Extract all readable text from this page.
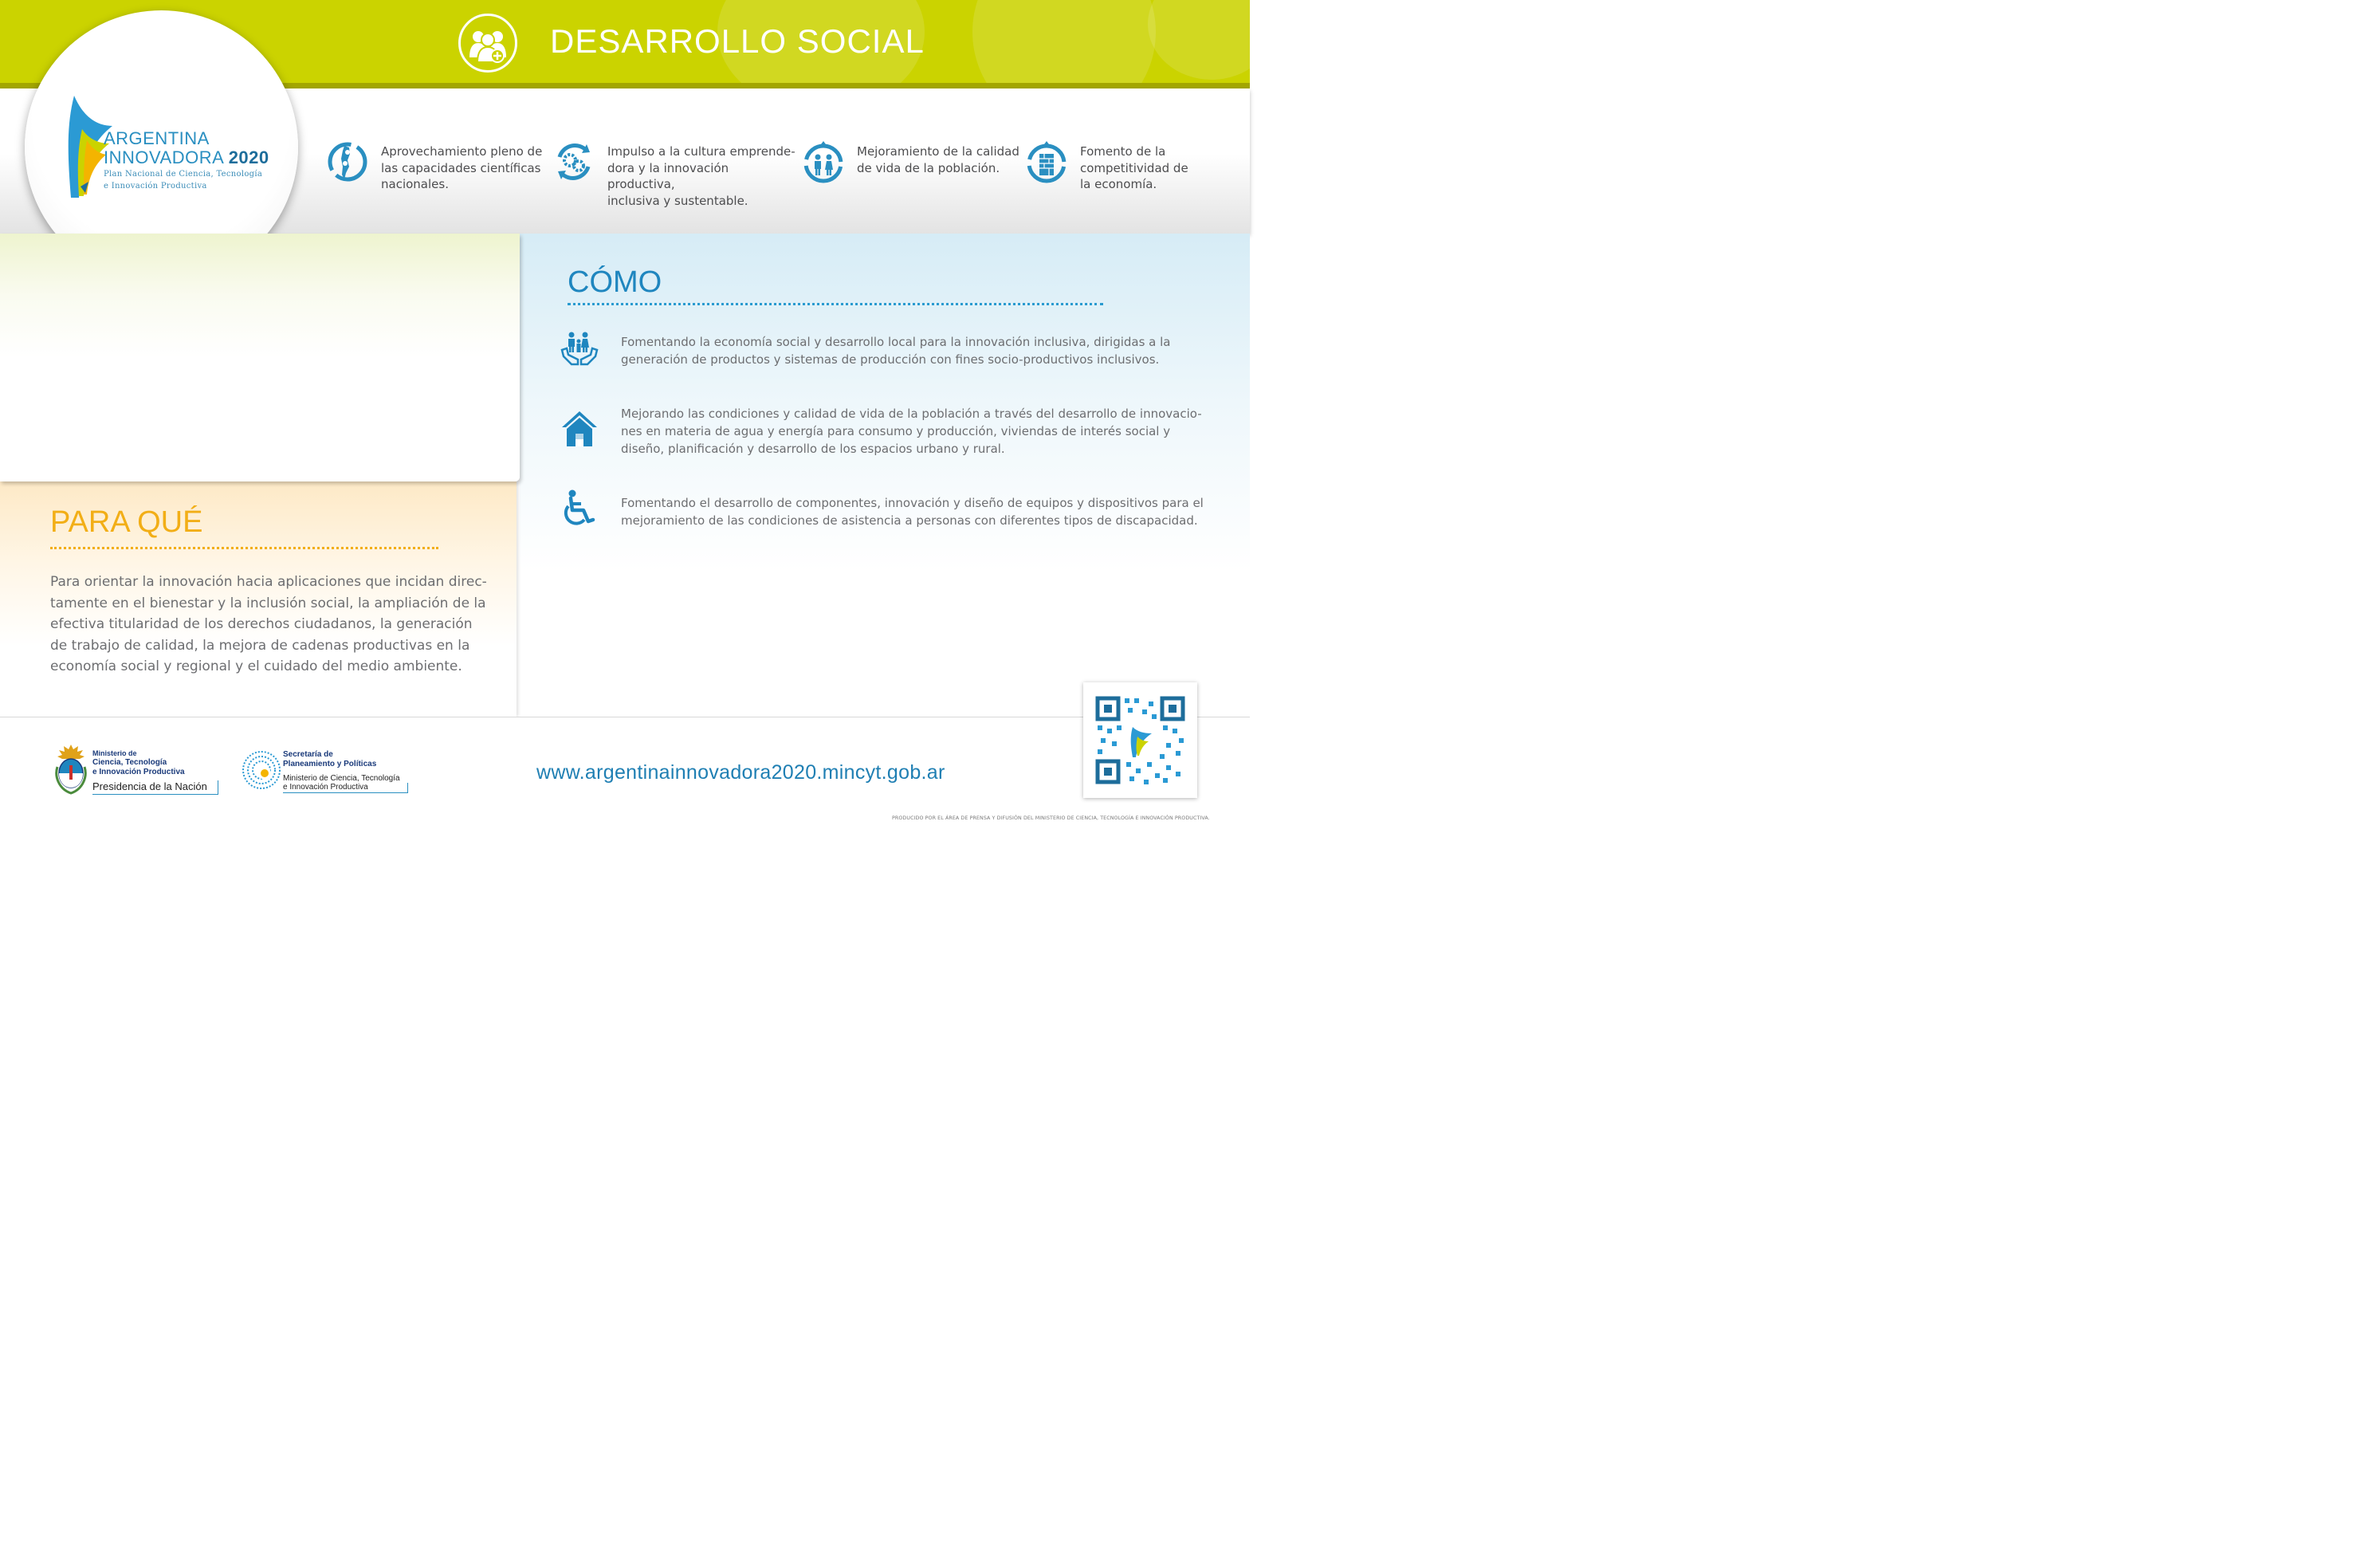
DESARROLLO SOCIAL
Aprovechamiento pleno de
las capacidades científicas
nacionales.
Impulso a la cultura emprende-
dora y la innovación productiva,
inclusiva y sustentable.
Mejoramiento de la calidad
de vida de la población.
Fomento de la
competitividad de
la economía.
ARGENTINA
INNOVADORA 2020
Plan Nacional de Ciencia, Tecnología
e Innovación Productiva
PARA QUÉ
Para orientar la innovación hacia aplicaciones que incidan direc-
tamente en el bienestar y la inclusión social, la ampliación de la
efectiva titularidad de los derechos ciudadanos, la generación
de trabajo de calidad, la mejora de cadenas productivas en la
economía social y regional y el cuidado del medio ambiente.
CÓMO
Fomentando la economía social y desarrollo local para la innovación inclusiva, dirigidas a la
generación de productos y sistemas de producción con fines socio-productivos inclusivos.
Mejorando las condiciones y calidad de vida de la población a través del desarrollo de innovacio-
nes en materia de agua y energía para consumo y producción, viviendas de interés social y
diseño, planificación y desarrollo de los espacios urbano y rural.
Fomentando el desarrollo de componentes, innovación y diseño de equipos y dispositivos para el
mejoramiento de las condiciones de asistencia a personas con diferentes tipos de discapacidad.
Ministerio de
Ciencia, Tecnología
e Innovación Productiva
Presidencia de la Nación
Secretaría de
Planeamiento y Políticas
Ministerio de Ciencia, Tecnología
e Innovación Productiva
www.argentinainnovadora2020.mincyt.gob.ar
PRODUCIDO POR EL ÁREA DE PRENSA Y DIFUSIÓN DEL MINISTERIO DE CIENCIA, TECNOLOGÍA E INNOVACIÓN PRODUCTIVA.
